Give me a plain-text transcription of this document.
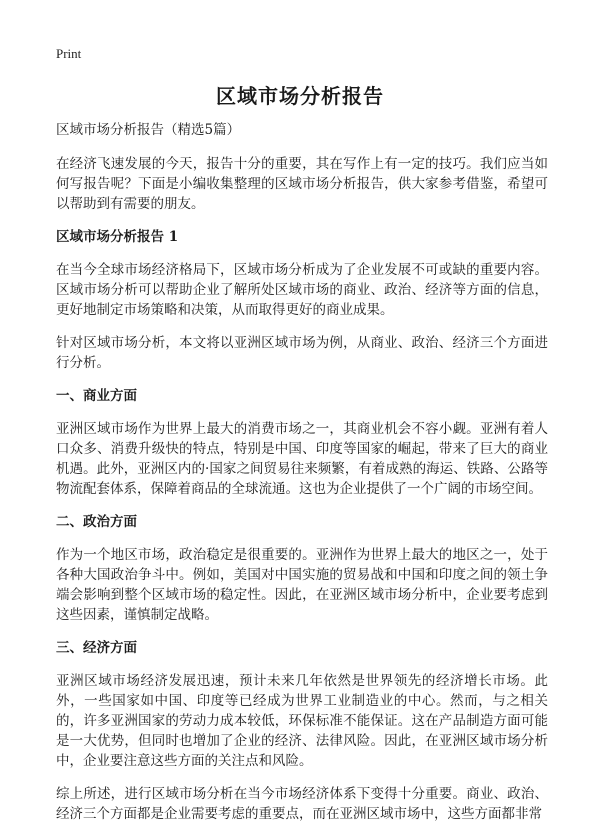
Print
区域市场分析报告
区域市场分析报告（精选5篇）

在经济飞速发展的今天，报告十分的重要，其在写作上有一定的技巧。我们应当如何写报告呢？下面是小编收集整理的区域市场分析报告，供大家参考借鉴，希望可以帮助到有需要的朋友。

区域市场分析报告 1

在当今全球市场经济格局下，区域市场分析成为了企业发展不可或缺的重要内容。区域市场分析可以帮助企业了解所处区域市场的商业、政治、经济等方面的信息，更好地制定市场策略和决策，从而取得更好的商业成果。

针对区域市场分析，本文将以亚洲区域市场为例，从商业、政治、经济三个方面进行分析。

一、商业方面

亚洲区域市场作为世界上最大的消费市场之一，其商业机会不容小觑。亚洲有着人口众多、消费升级快的特点，特别是中国、印度等国家的崛起，带来了巨大的商业机遇。此外，亚洲区内的·国家之间贸易往来频繁，有着成熟的海运、铁路、公路等物流配套体系，保障着商品的全球流通。这也为企业提供了一个广阔的市场空间。

二、政治方面

作为一个地区市场，政治稳定是很重要的。亚洲作为世界上最大的地区之一，处于各种大国政治争斗中。例如，美国对中国实施的贸易战和中国和印度之间的领土争端会影响到整个区域市场的稳定性。因此，在亚洲区域市场分析中，企业要考虑到这些因素，谨慎制定战略。

三、经济方面

亚洲区域市场经济发展迅速，预计未来几年依然是世界领先的经济增长市场。此外，一些国家如中国、印度等已经成为世界工业制造业的中心。然而，与之相关的，许多亚洲国家的劳动力成本较低，环保标准不能保证。这在产品制造方面可能是一大优势，但同时也增加了企业的经济、法律风险。因此，在亚洲区域市场分析中，企业要注意这些方面的关注点和风险。

综上所述，进行区域市场分析在当今市场经济体系下变得十分重要。商业、政治、经济三个方面都是企业需要考虑的重要点，而在亚洲区域市场中，这些方面都非常
